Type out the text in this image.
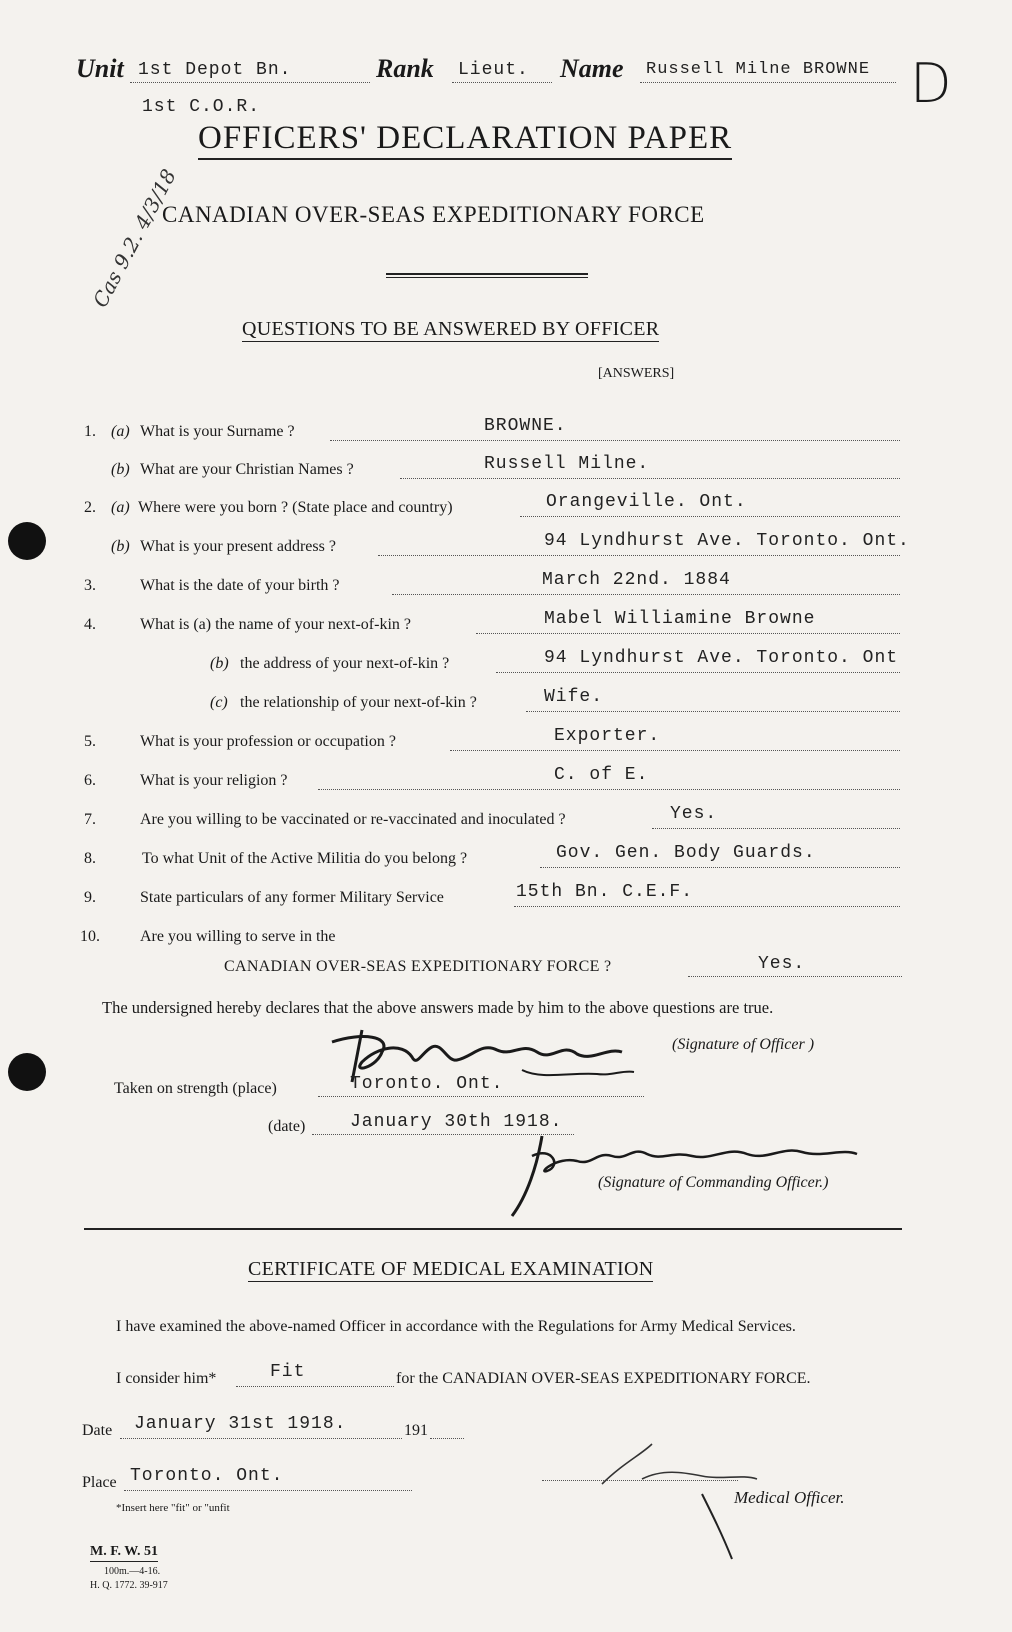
Unit 1st Depot Bn.	Rank Lieut. Name Russell Milne BROWNE D
1st C.O.R.
OFFICERS' DECLARATION PAPER
CANADIAN OVER-SEAS EXPEDITIONARY FORCE
Cas 9.2. 4/3/18
QUESTIONS TO BE ANSWERED BY OFFICER
[ANSWERS]
1. (a) What is your Surname ?	BROWNE.
(b) What are your Christian Names ?	Russell Milne.
2. (a) Where were you born ? (State place and country)	Orangeville. Ont.
(b) What is your present address ?	94 Lyndhurst Ave. Toronto. Ont.
3.	What is the date of your birth ?	March 22nd. 1884
4.	What is (a) the name of your next-of-kin ?	Mabel Williamine Browne
(b) the address of your next-of-kin ?	94 Lyndhurst Ave. Toronto. Ont
(c) the relationship of your next-of-kin ?	Wife.
5.	What is your profession or occupation ?	Exporter.
6.	What is your religion ?	C. of E.
7.	Are you willing to be vaccinated or re-vaccinated and inoculated ?	Yes.
8.	To what Unit of the Active Militia do you belong ?	Gov. Gen. Body Guards.
9.	State particulars of any former Military Service	15th Bn. C.E.F.
10.	Are you willing to serve in the
CANADIAN OVER-SEAS EXPEDITIONARY FORCE ?	Yes.
The undersigned hereby declares that the above answers made by him to the above questions are true.
(Signature of Officer )
Taken on strength (place)	Toronto. Ont.
(date) January 30th 1918.
(Signature of Commanding Officer.)
CERTIFICATE OF MEDICAL EXAMINATION
I have examined the above-named Officer in accordance with the Regulations for Army Medical Services.
I consider him*	Fit	for the CANADIAN OVER-SEAS EXPEDITIONARY FORCE.
Date January 31st 1918.	191
Place Toronto. Ont.
*Insert here "fit" or "unfit
Medical Officer.
M. F. W. 51
100m.—4-16.
H. Q. 1772. 39-917
